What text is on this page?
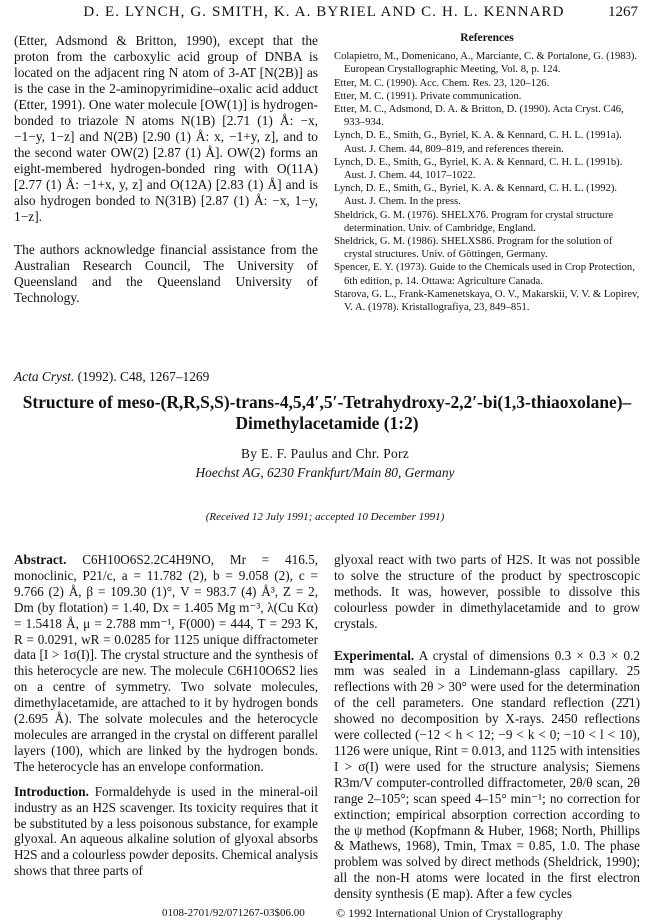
D. E. LYNCH, G. SMITH, K. A. BYRIEL AND C. H. L. KENNARD	1267

(Etter, Adsmond & Britton, 1990), except that the proton from the carboxylic acid group of DNBA is located on the adjacent ring N atom of 3-AT [N(2B)] as is the case in the 2-aminopyrimidine–oxalic acid adduct (Etter, 1991). One water molecule [OW(1)] is hydrogen-bonded to triazole N atoms N(1B) [2.71 (1) Å: −x, −1−y, 1−z] and N(2B) [2.90 (1) Å: x, −1+y, z], and to the second water OW(2) [2.87 (1) Å]. OW(2) forms an eight-membered hydrogen-bonded ring with O(11A) [2.77 (1) Å: −1+x, y, z] and O(12A) [2.83 (1) Å] and is also hydrogen bonded to N(31B) [2.87 (1) Å: −x, 1−y, 1−z].

The authors acknowledge financial assistance from the Australian Research Council, The University of Queensland and the Queensland University of Technology.

References

Colapietro, M., Domenicano, A., Marciante, C. & Portalone, G. (1983). European Crystallographic Meeting, Vol. 8, p. 124.

Etter, M. C. (1990). Acc. Chem. Res. 23, 120–126.

Etter, M. C. (1991). Private communication.

Etter, M. C., Adsmond, D. A. & Britton, D. (1990). Acta Cryst. C46, 933–934.

Lynch, D. E., Smith, G., Byriel, K. A. & Kennard, C. H. L. (1991a). Aust. J. Chem. 44, 809–819, and references therein.

Lynch, D. E., Smith, G., Byriel, K. A. & Kennard, C. H. L. (1991b). Aust. J. Chem. 44, 1017–1022.

Lynch, D. E., Smith, G., Byriel, K. A. & Kennard, C. H. L. (1992). Aust. J. Chem. In the press.

Sheldrick, G. M. (1976). SHELX76. Program for crystal structure determination. Univ. of Cambridge, England.

Sheldrick, G. M. (1986). SHELXS86. Program for the solution of crystal structures. Univ. of Göttingen, Germany.

Spencer, E. Y. (1973). Guide to the Chemicals used in Crop Protection, 6th edition, p. 14. Ottawa: Agriculture Canada.

Starova, G. L., Frank-Kamenetskaya, O. V., Makarskii, V. V. & Lopirev, V. A. (1978). Kristallografiya, 23, 849–851.

Acta Cryst. (1992). C48, 1267–1269
Structure of meso-(R,R,S,S)-trans-4,5,4′,5′-Tetrahydroxy-2,2′-bi(1,3-thiaoxolane)–Dimethylacetamide (1:2)
By E. F. Paulus and Chr. Porz
Hoechst AG, 6230 Frankfurt/Main 80, Germany
(Received 12 July 1991; accepted 10 December 1991)

Abstract. C6H10O6S2.2C4H9NO, Mr = 416.5, monoclinic, P21/c, a = 11.782 (2), b = 9.058 (2), c = 9.766 (2) Å, β = 109.30 (1)°, V = 983.7 (4) Å³, Z = 2, Dm (by flotation) = 1.40, Dx = 1.405 Mg m⁻³, λ(Cu Kα) = 1.5418 Å, μ = 2.788 mm⁻¹, F(000) = 444, T = 293 K, R = 0.0291, wR = 0.0285 for 1125 unique diffractometer data [I > 1σ(I)]. The crystal structure and the synthesis of this heterocycle are new. The molecule C6H10O6S2 lies on a centre of symmetry. Two solvate molecules, dimethylacetamide, are attached to it by hydrogen bonds (2.695 Å). The solvate molecules and the heterocycle molecules are arranged in the crystal on different parallel layers (100), which are linked by the hydrogen bonds. The heterocycle has an envelope conformation.

Introduction. Formaldehyde is used in the mineral-oil industry as an H2S scavenger. Its toxicity requires that it be substituted by a less poisonous substance, for example glyoxal. An aqueous alkaline solution of glyoxal absorbs H2S and a colourless powder deposits. Chemical analysis shows that three parts of

glyoxal react with two parts of H2S. It was not possible to solve the structure of the product by spectroscopic methods. It was, however, possible to dissolve this colourless powder in dimethylacetamide and to grow crystals.

Experimental. A crystal of dimensions 0.3 × 0.3 × 0.2 mm was sealed in a Lindemann-glass capillary. 25 reflections with 2θ > 30° were used for the determination of the cell parameters. One standard reflection (2̄2̄1) showed no decomposition by X-rays. 2450 reflections were collected (−12 < h < 12; −9 < k < 0; −10 < l < 10), 1126 were unique, Rint = 0.013, and 1125 with intensities I > σ(I) were used for the structure analysis; Siemens R3m/V computer-controlled diffractometer, 2θ/θ scan, 2θ range 2–105°; scan speed 4–15° min⁻¹; no correction for extinction; empirical absorption correction according to the ψ method (Kopfmann & Huber, 1968; North, Phillips & Mathews, 1968), Tmin, Tmax = 0.85, 1.0. The phase problem was solved by direct methods (Sheldrick, 1990); all the non-H atoms were located in the first electron density synthesis (E map). After a few cycles

0108-2701/92/071267-03$06.00	© 1992 International Union of Crystallography
